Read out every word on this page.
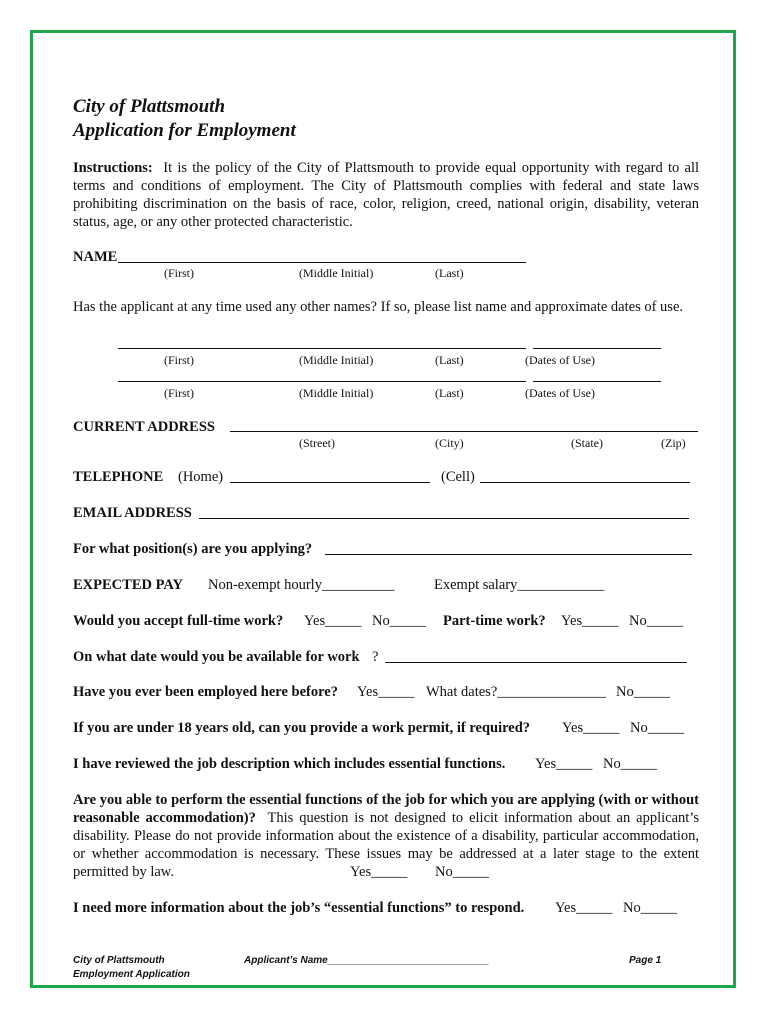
City of Plattsmouth
Application for Employment
Instructions: It is the policy of the City of Plattsmouth to provide equal opportunity with regard to all terms and conditions of employment. The City of Plattsmouth complies with federal and state laws prohibiting discrimination on the basis of race, color, religion, creed, national origin, disability, veteran status, age, or any other protected characteristic.
NAME
(First)	(Middle Initial)	(Last)
Has the applicant at any time used any other names? If so, please list name and approximate dates of use.
(First)	(Middle Initial)	(Last)	(Dates of Use)
(First)	(Middle Initial)	(Last)	(Dates of Use)
CURRENT ADDRESS
(Street)	(City)	(State)	(Zip)
TELEPHONE (Home)	(Cell)
EMAIL ADDRESS
For what position(s) are you applying?
EXPECTED PAY Non-exempt hourly__________	Exempt salary____________
Would you accept full-time work? Yes_____ No_____ Part-time work? Yes_____ No_____
On what date would you be available for work ?
Have you ever been employed here before? Yes_____ What dates?_______________ No_____
If you are under 18 years old, can you provide a work permit, if required? Yes_____ No_____
I have reviewed the job description which includes essential functions. Yes_____ No_____
Are you able to perform the essential functions of the job for which you are applying (with or without reasonable accommodation)? This question is not designed to elicit information about an applicant’s disability. Please do not provide information about the existence of a disability, particular accommodation, or whether accommodation is necessary. These issues may be addressed at a later stage to the extent permitted by law.	Yes_____ No_____
I need more information about the job’s “essential functions” to respond. Yes_____ No_____
City of Plattsmouth
Employment Application
Applicant’s Name_____________________________	Page 1
